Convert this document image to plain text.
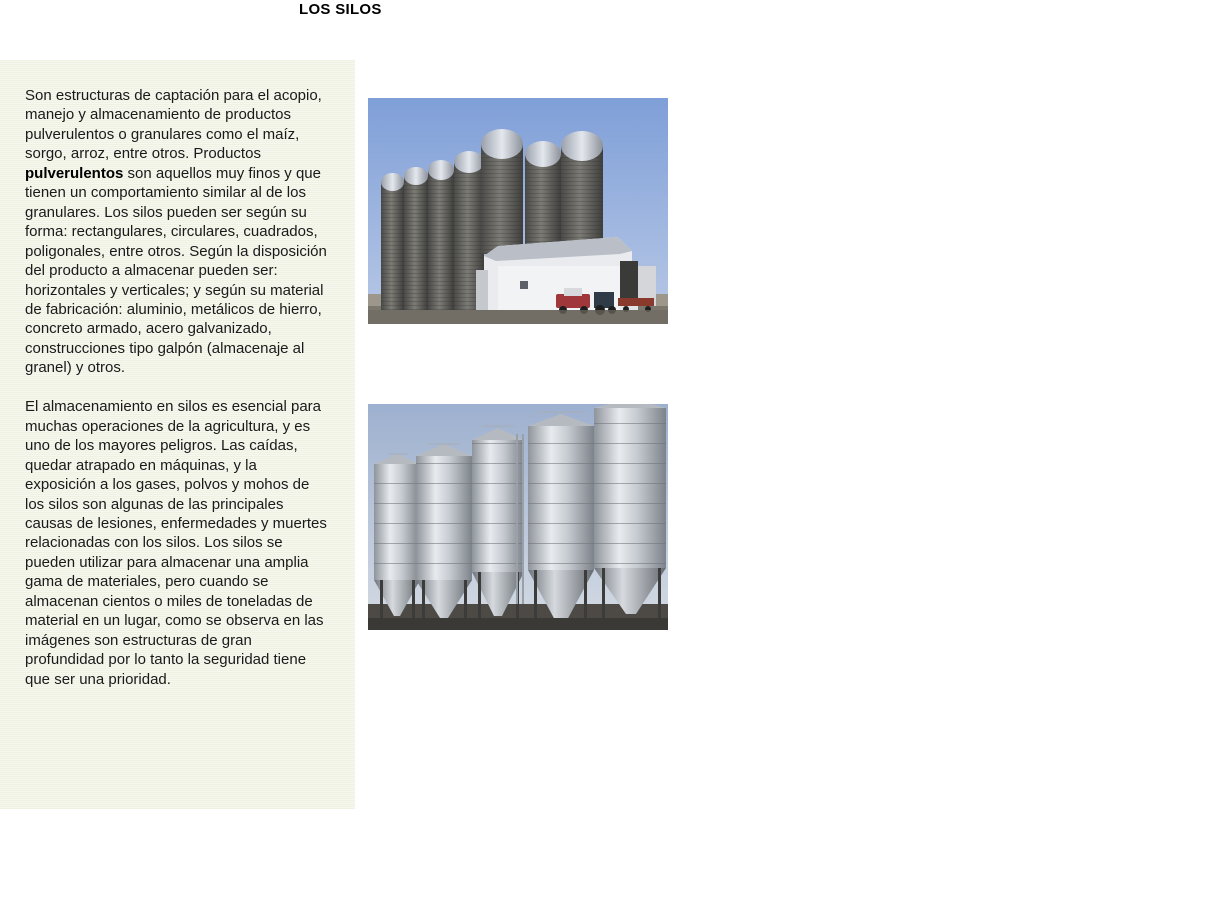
LOS SILOS

Son estructuras de captación para el acopio, manejo y almacenamiento de productos pulverulentos o granulares como el maíz, sorgo, arroz, entre otros. Productos pulverulentos son aquellos muy finos y que tienen un comportamiento similar al de los granulares. Los silos pueden ser según su forma: rectangulares, circulares, cuadrados, poligonales, entre otros. Según la disposición del producto a almacenar pueden ser: horizontales y verticales; y según su material de fabricación: aluminio, metálicos de hierro, concreto armado, acero galvanizado, construcciones tipo galpón (almacenaje al granel) y otros.

El almacenamiento en silos es esencial para muchas operaciones de la agricultura, y es uno de los mayores peligros. Las caídas, quedar atrapado en máquinas, y la exposición a los gases, polvos y mohos de los silos son algunas de las principales causas de lesiones, enfermedades y muertes relacionadas con los silos. Los silos se pueden utilizar para almacenar una amplia gama de materiales, pero cuando se almacenan cientos o miles de toneladas de material en un lugar, como se observa en las imágenes son estructuras de gran profundidad por lo tanto la seguridad tiene que ser una prioridad.
